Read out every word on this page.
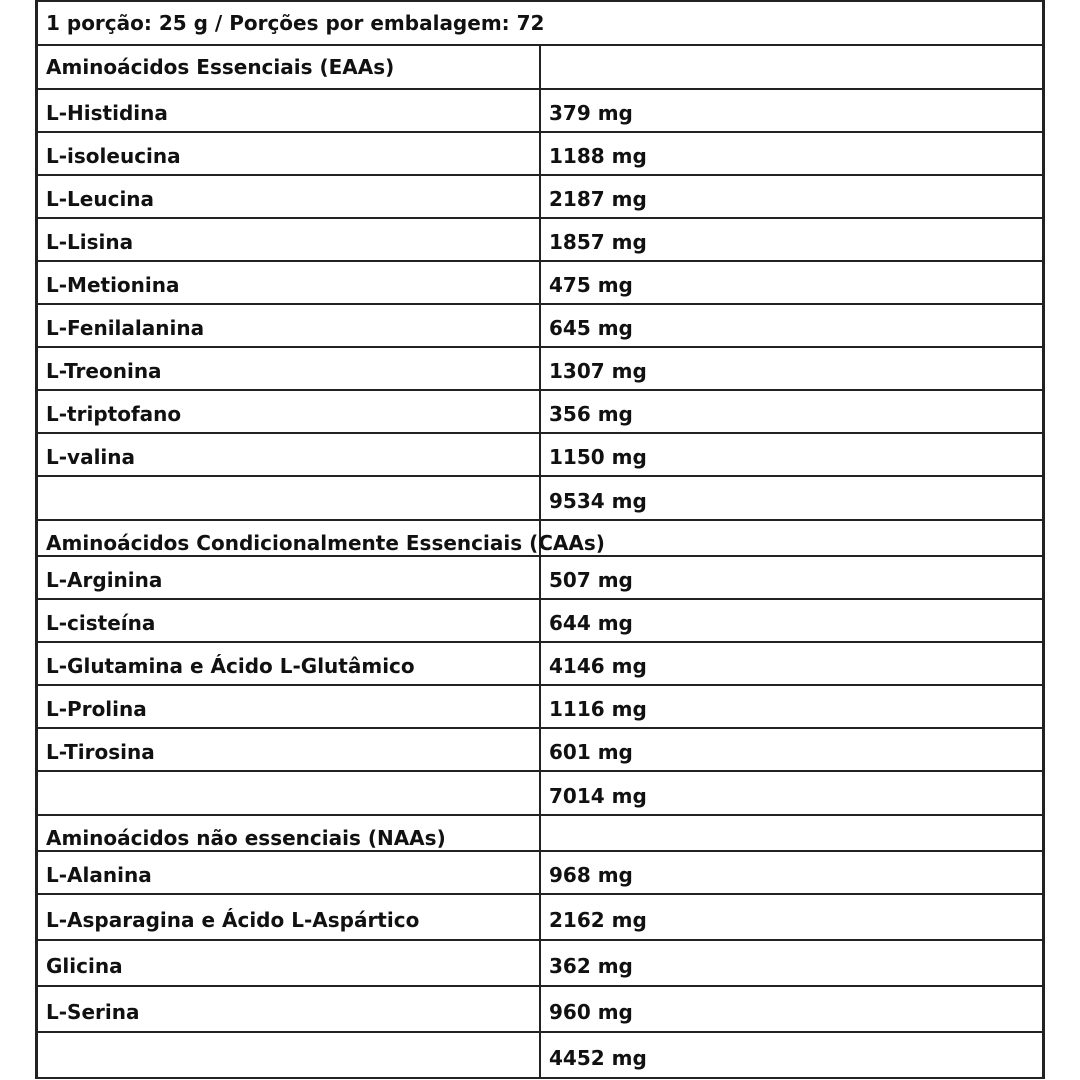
1 porção: 25 g / Porções por embalagem: 72	
Aminoácidos Essenciais (EAAs)	
L-Histidina	379 mg
L-isoleucina	1188 mg
L-Leucina	2187 mg
L-Lisina	1857 mg
L-Metionina	475 mg
L-Fenilalanina	645 mg
L-Treonina	1307 mg
L-triptofano	356 mg
L-valina	1150 mg
	9534 mg
Aminoácidos Condicionalmente Essenciais (CAAs)	
L-Arginina	507 mg
L-cisteína	644 mg
L-Glutamina e Ácido L-Glutâmico	4146 mg
L-Prolina	1116 mg
L-Tirosina	601 mg
	7014 mg
Aminoácidos não essenciais (NAAs)	
L-Alanina	968 mg
L-Asparagina e Ácido L-Aspártico	2162 mg
Glicina	362 mg
L-Serina	960 mg
	4452 mg
